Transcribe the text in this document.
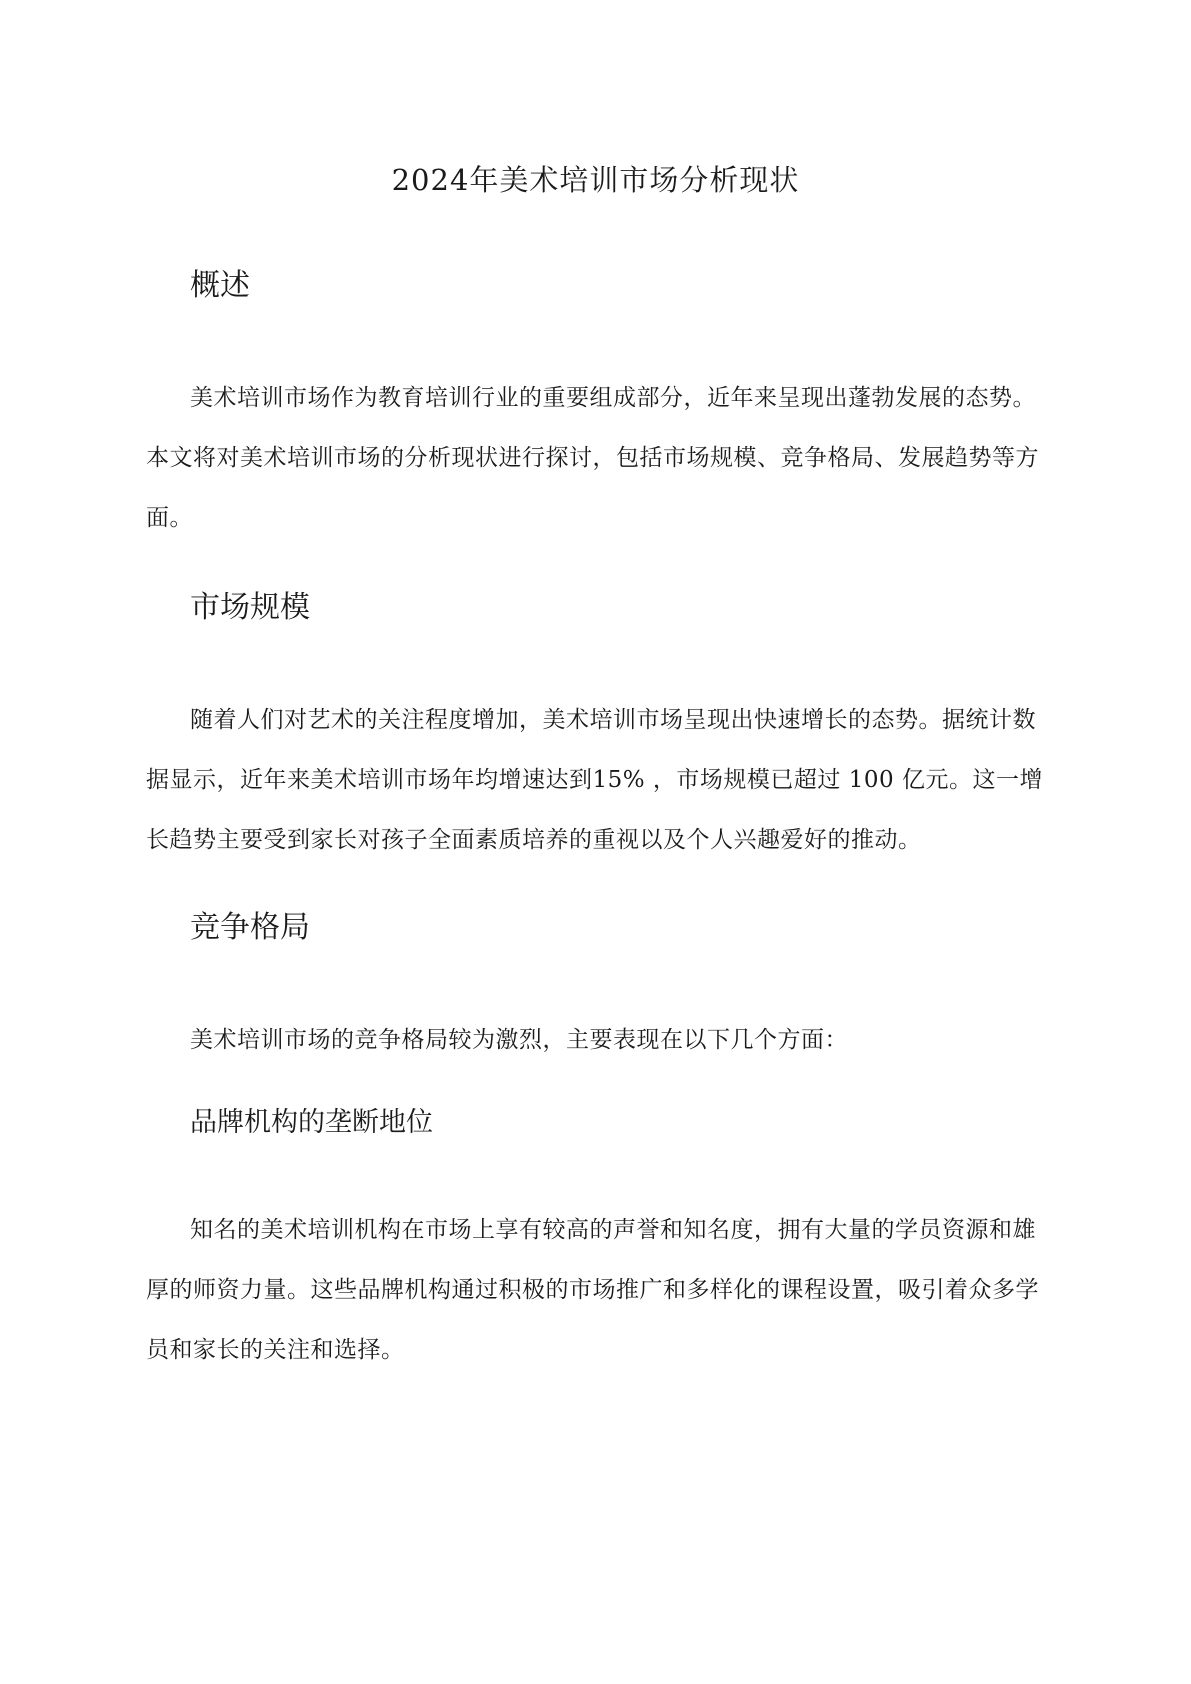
2024年美术培训市场分析现状
概述
美术培训市场作为教育培训行业的重要组成部分，近年来呈现出蓬勃发展的态势。本文将对美术培训市场的分析现状进行探讨，包括市场规模、竞争格局、发展趋势等方面。
市场规模
随着人们对艺术的关注程度增加，美术培训市场呈现出快速增长的态势。据统计数据显示，近年来美术培训市场年均增速达到15% ，市场规模已超过 100 亿元。这一增长趋势主要受到家长对孩子全面素质培养的重视以及个人兴趣爱好的推动。
竞争格局
美术培训市场的竞争格局较为激烈，主要表现在以下几个方面：
品牌机构的垄断地位
知名的美术培训机构在市场上享有较高的声誉和知名度，拥有大量的学员资源和雄厚的师资力量。这些品牌机构通过积极的市场推广和多样化的课程设置，吸引着众多学员和家长的关注和选择。
